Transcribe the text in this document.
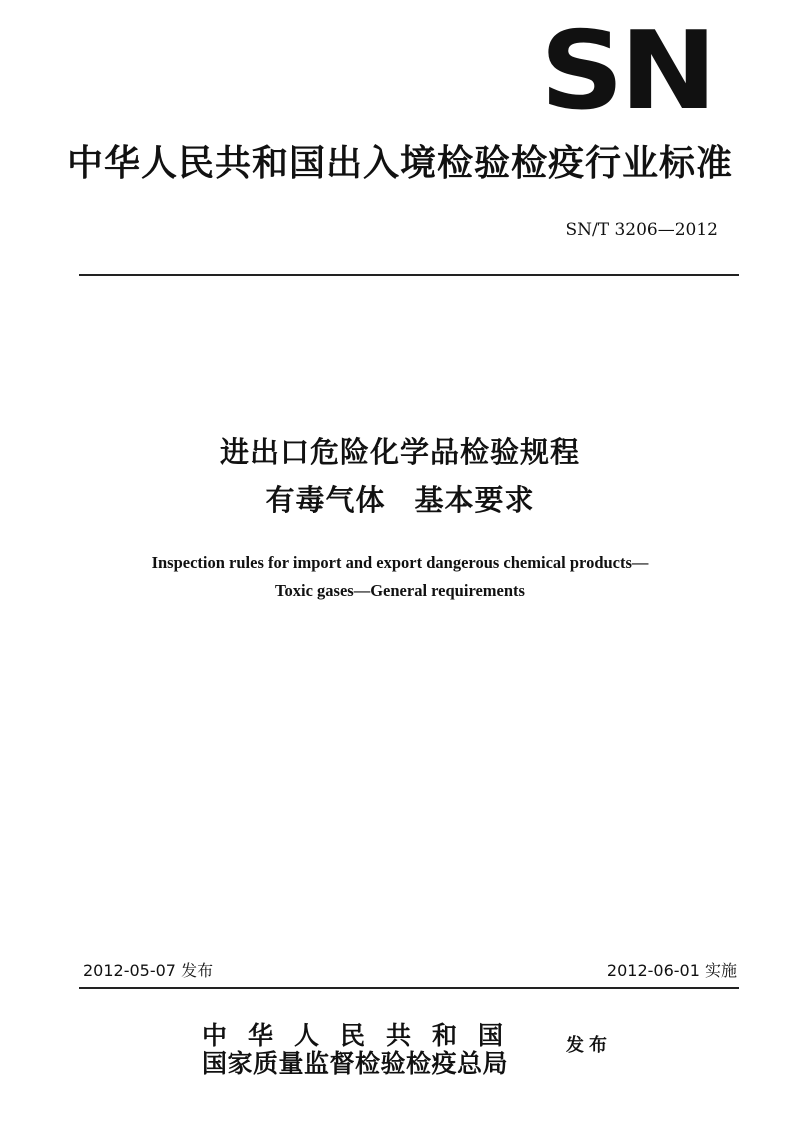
SN
中华人民共和国出入境检验检疫行业标准
SN/T 3206—2012
进出口危险化学品检验规程
有毒气体 基本要求
Inspection rules for import and export dangerous chemical products—
Toxic gases—General requirements
2012-05-07 发布	2012-06-01 实施
中华人民共和国
国家质量监督检验检疫总局
发布
